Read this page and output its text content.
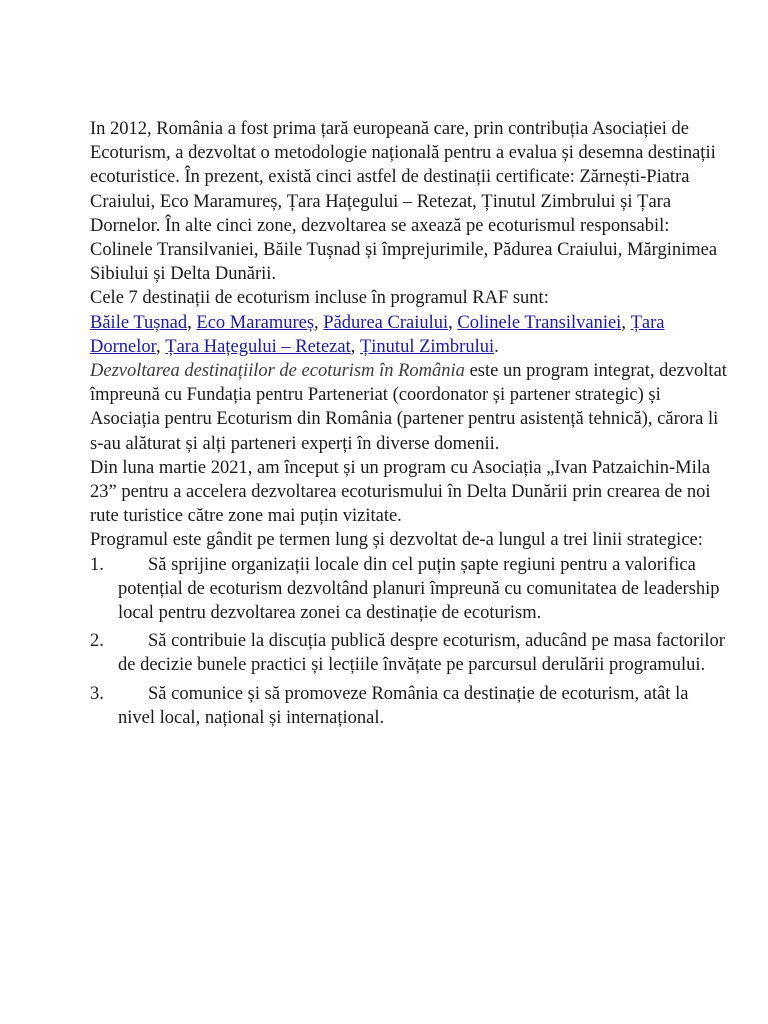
In 2012, România a fost prima țară europeană care, prin contribuția Asociației de Ecoturism, a dezvoltat o metodologie națională pentru a evalua și desemna destinații ecoturistice. În prezent, există cinci astfel de destinații certificate: Zărnești-Piatra Craiului, Eco Maramureș, Țara Hațegului – Retezat, Ținutul Zimbrului și Țara Dornelor. În alte cinci zone, dezvoltarea se axează pe ecoturismul responsabil: Colinele Transilvaniei, Băile Tușnad și împrejurimile, Pădurea Craiului, Mărginimea Sibiului și Delta Dunării.

Cele 7 destinații de ecoturism incluse în programul RAF sunt:

Băile Tușnad, Eco Maramureș, Pădurea Craiului, Colinele Transilvaniei, Țara Dornelor, Țara Hațegului – Retezat, Ținutul Zimbrului.

Dezvoltarea destinațiilor de ecoturism în România este un program integrat, dezvoltat împreună cu Fundația pentru Parteneriat (coordonator și partener strategic) și Asociația pentru Ecoturism din România (partener pentru asistență tehnică), cărora li s-au alăturat și alți parteneri experți în diverse domenii.

Din luna martie 2021, am început și un program cu Asociația „Ivan Patzaichin-Mila 23” pentru a accelera dezvoltarea ecoturismului în Delta Dunării prin crearea de noi rute turistice către zone mai puțin vizitate.

Programul este gândit pe termen lung și dezvoltat de-a lungul a trei linii strategice:

1.	Să sprijine organizații locale din cel puțin șapte regiuni pentru a valorifica potențial de ecoturism dezvoltând planuri împreună cu comunitatea de leadership local pentru dezvoltarea zonei ca destinație de ecoturism.
2.	Să contribuie la discuția publică despre ecoturism, aducând pe masa factorilor de decizie bunele practici și lecțiile învățate pe parcursul derulării programului.
3.	Să comunice și să promoveze România ca destinație de ecoturism, atât la nivel local, național și internațional.
